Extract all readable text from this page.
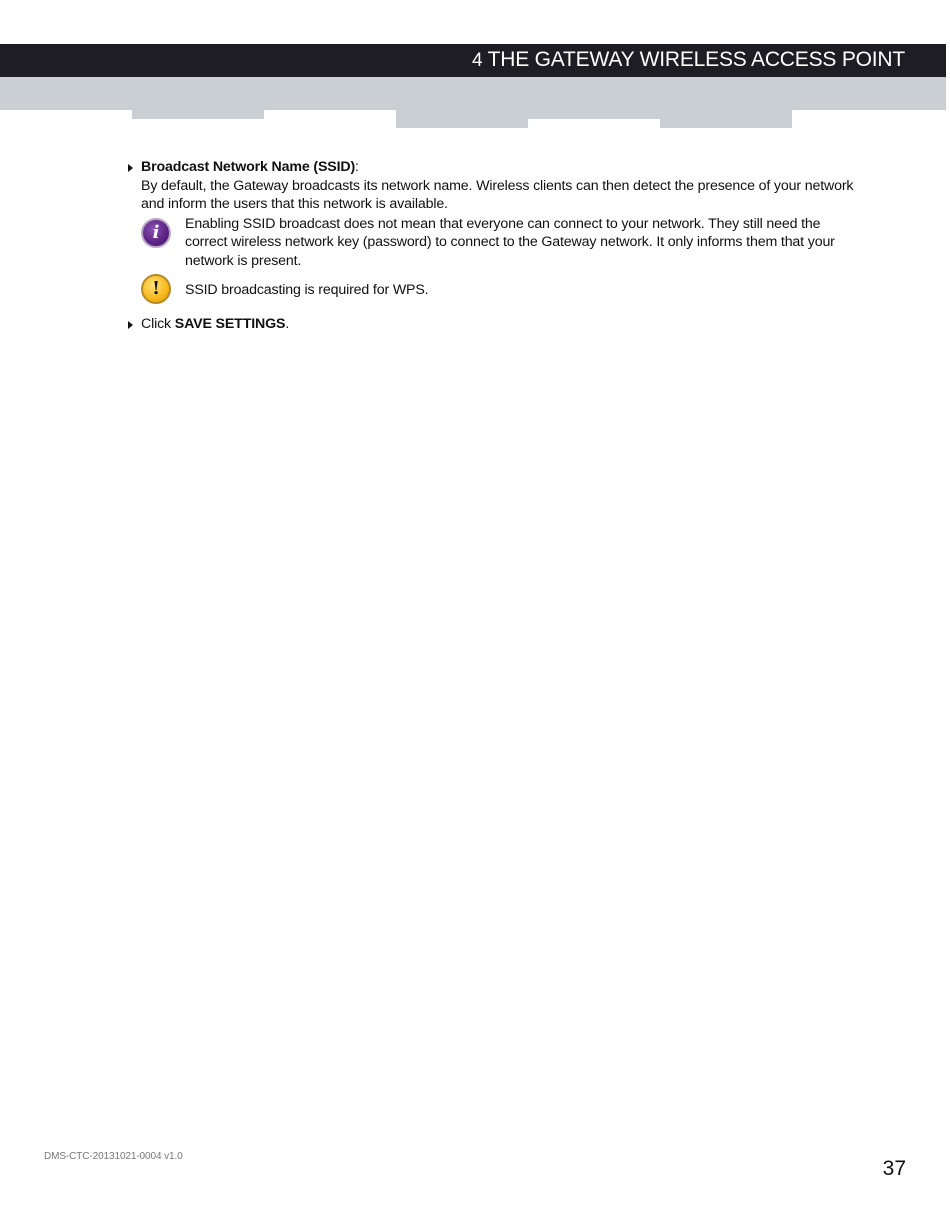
4 THE GATEWAY WIRELESS ACCESS POINT
Broadcast Network Name (SSID):
By default, the Gateway broadcasts its network name. Wireless clients can then detect the presence of your network and inform the users that this network is available.
i	Enabling SSID broadcast does not mean that everyone can connect to your network. They still need the correct wireless network key (password) to connect to the Gateway network. It only informs them that your network is present.
!	SSID broadcasting is required for WPS.
Click SAVE SETTINGS.
DMS-CTC-20131021-0004 v1.0
37
